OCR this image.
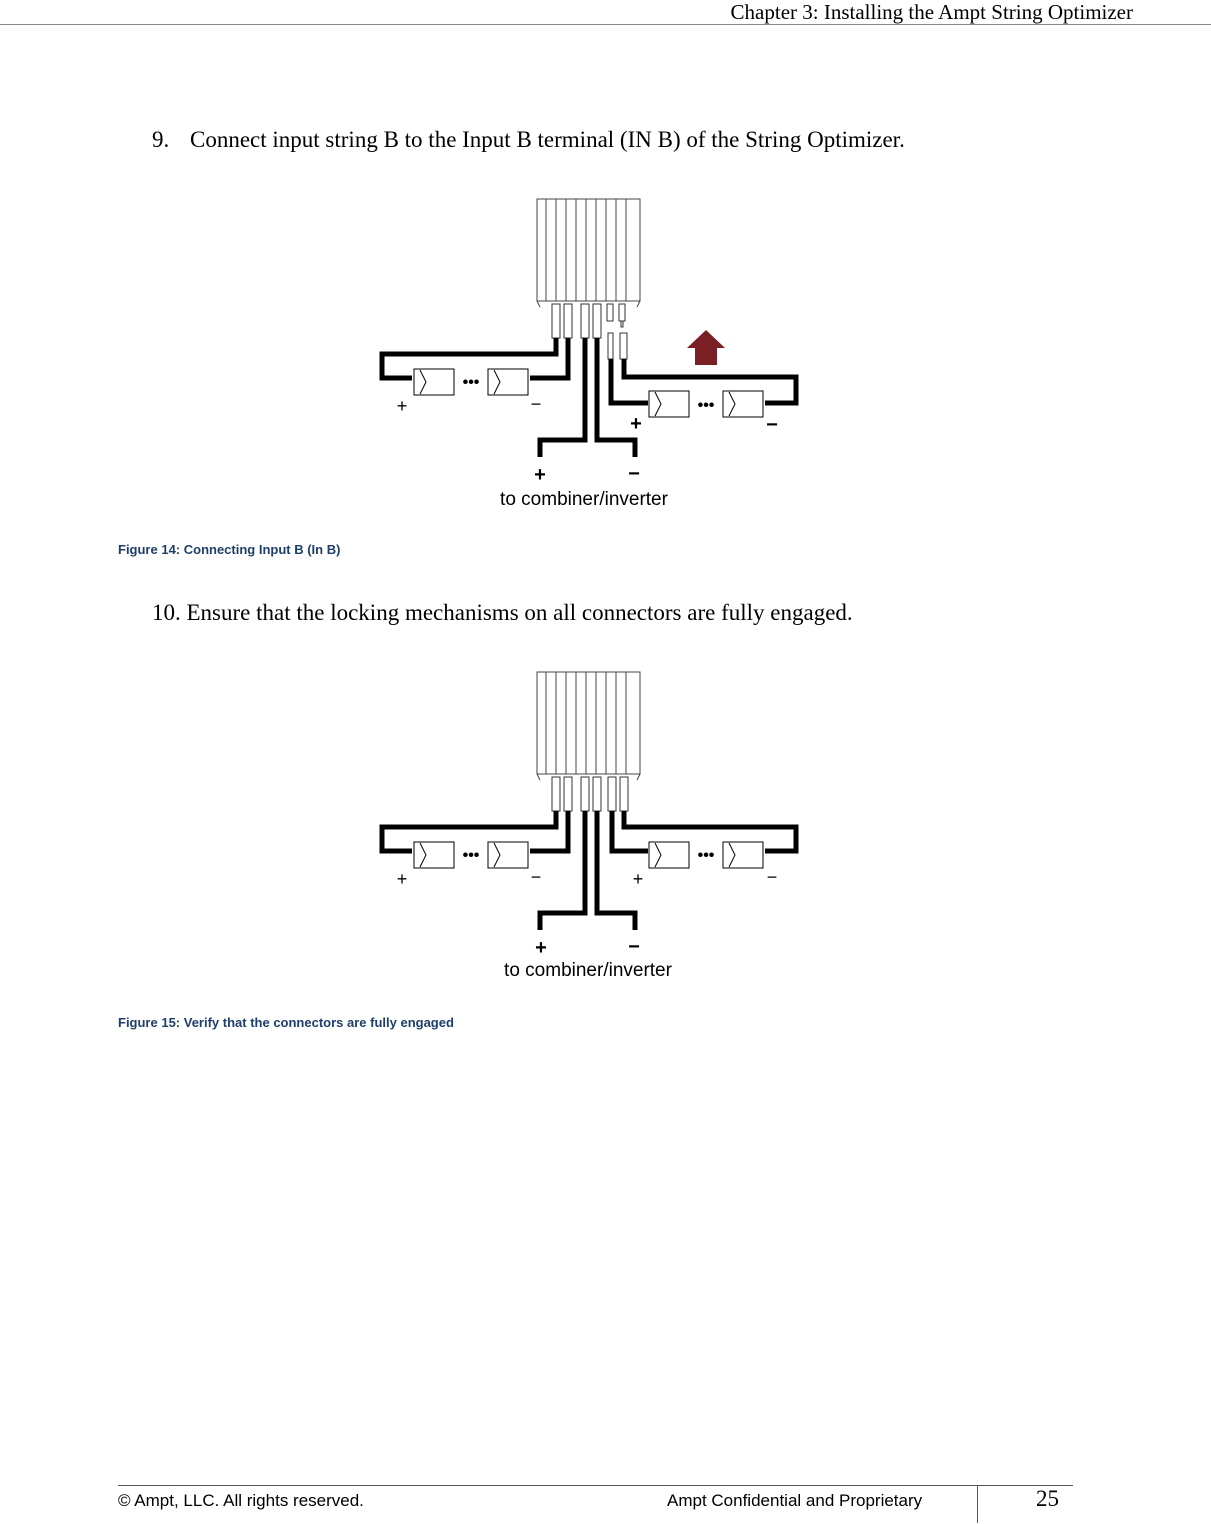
Chapter 3: Installing the Ampt String Optimizer
9. Connect input string B to the Input B terminal (IN B) of the String Optimizer.
•••
•••
+	−
+	−
+	−
to combiner/inverter
Figure 14: Connecting Input B (In B)
10. Ensure that the locking mechanisms on all connectors are fully engaged.
•••	•••
+	−	+	−
+	−
to combiner/inverter
Figure 15: Verify that the connectors are fully engaged
© Ampt, LLC. All rights reserved.	Ampt Confidential and Proprietary	25
